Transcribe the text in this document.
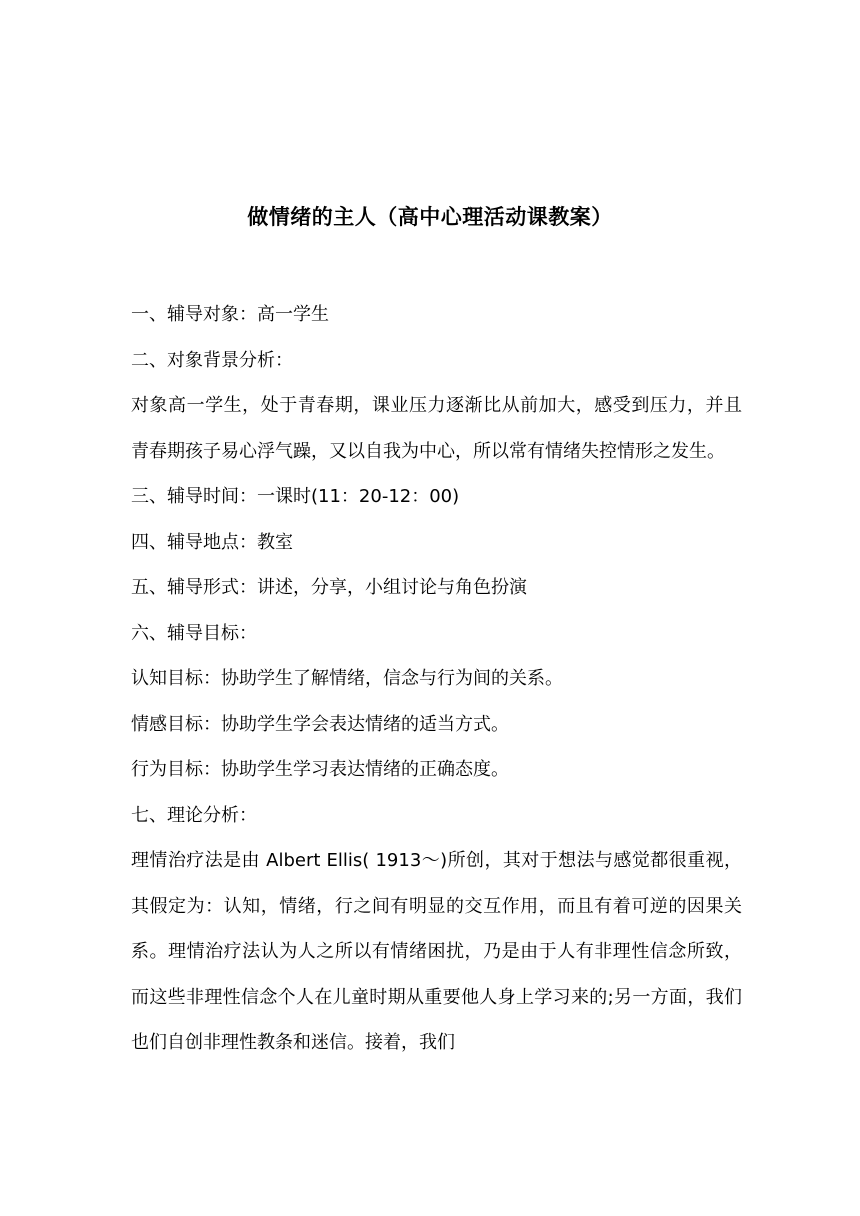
做情绪的主人（高中心理活动课教案）
一、辅导对象：高一学生
二、对象背景分析：
对象高一学生，处于青春期，课业压力逐渐比从前加大，感受到压力，并且青春期孩子易心浮气躁，又以自我为中心，所以常有情绪失控情形之发生。
三、辅导时间：一课时(11：20-12：00)
四、辅导地点：教室
五、辅导形式：讲述，分享，小组讨论与角色扮演
六、辅导目标：
认知目标：协助学生了解情绪，信念与行为间的关系。
情感目标：协助学生学会表达情绪的适当方式。
行为目标：协助学生学习表达情绪的正确态度。
七、理论分析：
理情治疗法是由 Albert Ellis( 1913～)所创，其对于想法与感觉都很重视，其假定为：认知，情绪，行之间有明显的交互作用，而且有着可逆的因果关系。理情治疗法认为人之所以有情绪困扰，乃是由于人有非理性信念所致，而这些非理性信念个人在儿童时期从重要他人身上学习来的;另一方面，我们也们自创非理性教条和迷信。接着，我们
